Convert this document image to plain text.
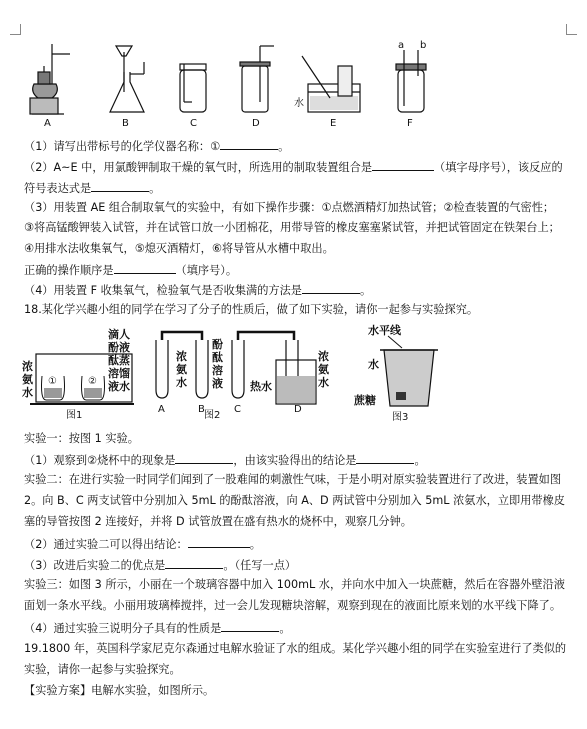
A	B	C	D
水
E
a b
F
（1）请写出带标号的化学仪器名称：①	。
（2）A~E 中，用氯酸钾制取干燥的氧气时，所选用的制取装置组合是	（填字母序号），该反应的
符号表达式是	。
（3）用装置 AE 组合制取氧气的实验中，有如下操作步骤：①点燃酒精灯加热试管；②检查装置的气密性；
③将高锰酸钾装入试管，并在试管口放一小团棉花，用带导管的橡皮塞塞紧试管，并把试管固定在铁架台上；
④用排水法收集氧气，⑤熄灭酒精灯，⑥将导管从水槽中取出。
正确的操作顺序是	（填序号）。
（4）用装置 F 收集氧气，检验氧气是否收集满的方法是	。
18.某化学兴趣小组的同学在学习了分子的性质后，做了如下实验，请你一起参与实验探究。
浓
氨
水
①	②
滴人
酚液
酞蒸
溶馏
液水
图1
浓
氨
水
酚
酞
溶
液 热水
浓
氨
水
A	B	C	D
图2
水平线
水
蔗糖
图3
实验一：按图 1 实验。
（1）观察到②烧杯中的现象是	，由该实验得出的结论是	。
实验二：在进行实验一时同学们闻到了一股难闻的刺激性气味，于是小明对原实验装置进行了改进，装置如图
2。向 B、C 两支试管中分别加入 5mL 的酚酞溶液，向 A、D 两试管中分别加入 5mL 浓氨水，立即用带橡皮
塞的导管按图 2 连接好，并将 D 试管放置在盛有热水的烧杯中，观察几分钟。
（2）通过实验二可以得出结论：	。
（3）改进后实验二的优点是	。（任写一点）
实验三：如图 3 所示，小丽在一个玻璃容器中加入 100mL 水，并向水中加入一块蔗糖，然后在容器外壁沿液
面划一条水平线。小丽用玻璃棒搅拌，过一会儿发现糖块溶解，观察到现在的液面比原来划的水平线下降了。
（4）通过实验三说明分子具有的性质是	。
19.1800 年，英国科学家尼克尔森通过电解水验证了水的组成。某化学兴趣小组的同学在实验室进行了类似的
实验，请你一起参与实验探究。
【实验方案】电解水实验，如图所示。
